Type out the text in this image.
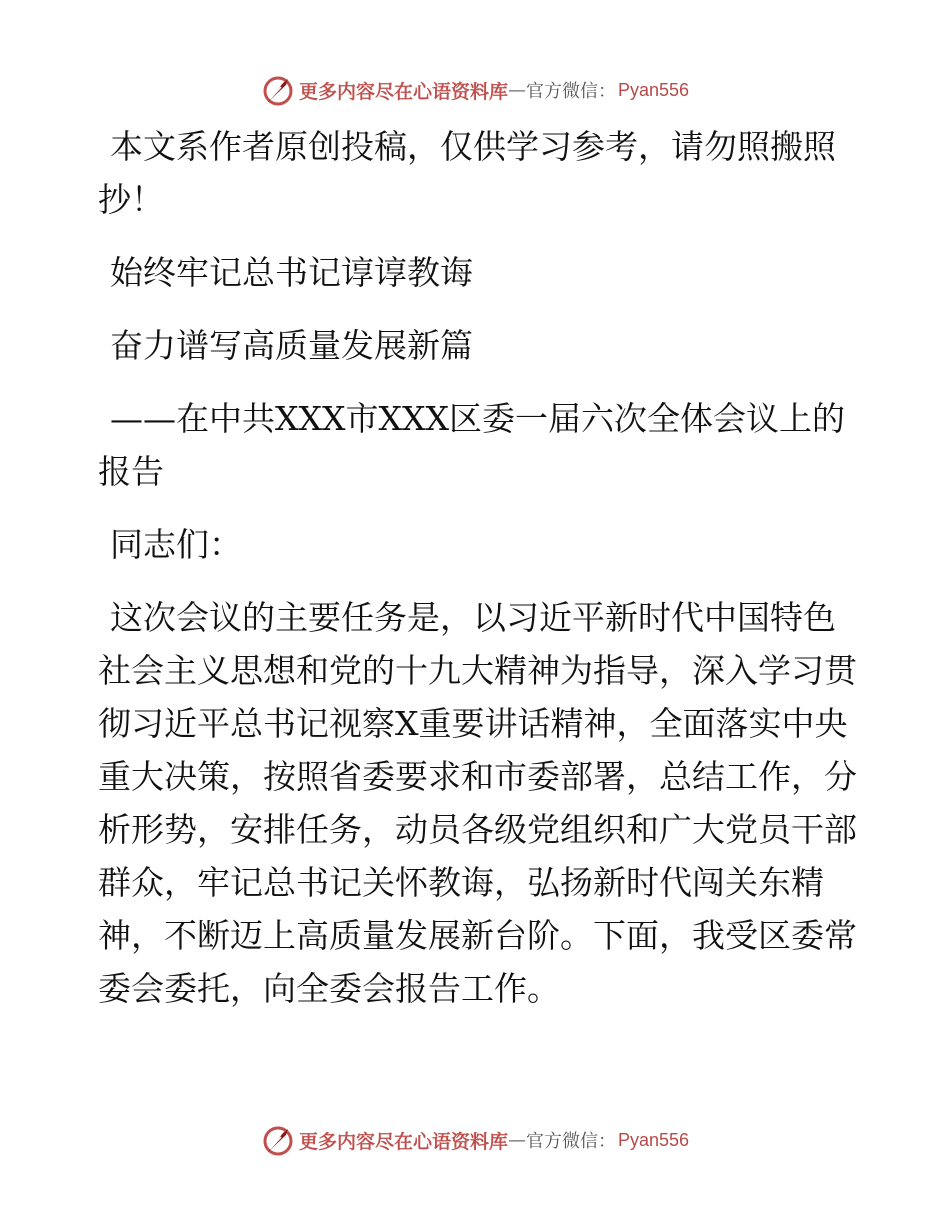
更多内容尽在心语资料库 — 官方微信： Pyan556

本文系作者原创投稿，仅供学习参考，请勿照搬照抄！

始终牢记总书记谆谆教诲

奋力谱写高质量发展新篇

——在中共XXX市XXX区委一届六次全体会议上的报告

同志们：

这次会议的主要任务是，以习近平新时代中国特色社会主义思想和党的十九大精神为指导，深入学习贯彻习近平总书记视察X重要讲话精神，全面落实中央重大决策，按照省委要求和市委部署，总结工作，分析形势，安排任务，动员各级党组织和广大党员干部群众，牢记总书记关怀教诲，弘扬新时代闯关东精神，不断迈上高质量发展新台阶。下面，我受区委常委会委托，向全委会报告工作。

更多内容尽在心语资料库 — 官方微信： Pyan556
